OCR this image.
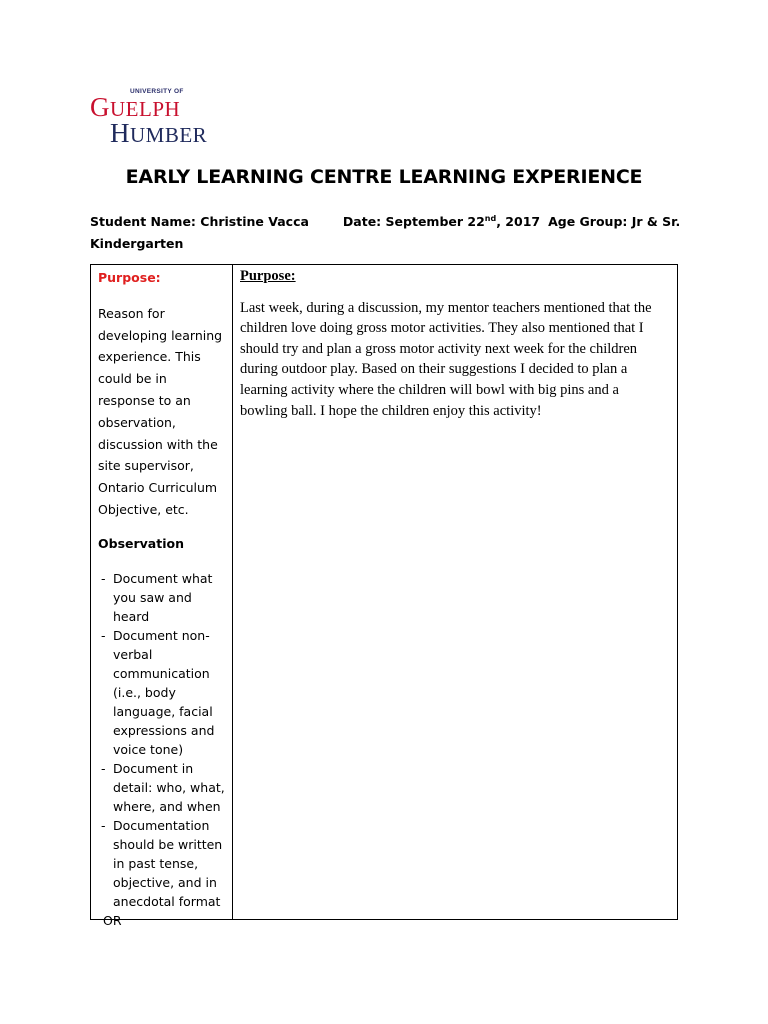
UNIVERSITY OF
GUELPH
HUMBER
EARLY LEARNING CENTRE LEARNING EXPERIENCE
Student Name: Christine Vacca	Date: September 22nd, 2017 Age Group: Jr & Sr.
Kindergarten
Purpose:
Reason for developing learning experience. This could be in response to an observation, discussion with the site supervisor, Ontario Curriculum Objective, etc.
Observation
- Document what you saw and heard
- Document non-verbal communication (i.e., body language, facial expressions and voice tone)
- Document in detail: who, what, where, and when
- Documentation should be written in past tense, objective, and in anecdotal format
OR
Purpose:
Last week, during a discussion, my mentor teachers mentioned that the children love doing gross motor activities. They also mentioned that I should try and plan a gross motor activity next week for the children during outdoor play. Based on their suggestions I decided to plan a learning activity where the children will bowl with big pins and a bowling ball. I hope the children enjoy this activity!
